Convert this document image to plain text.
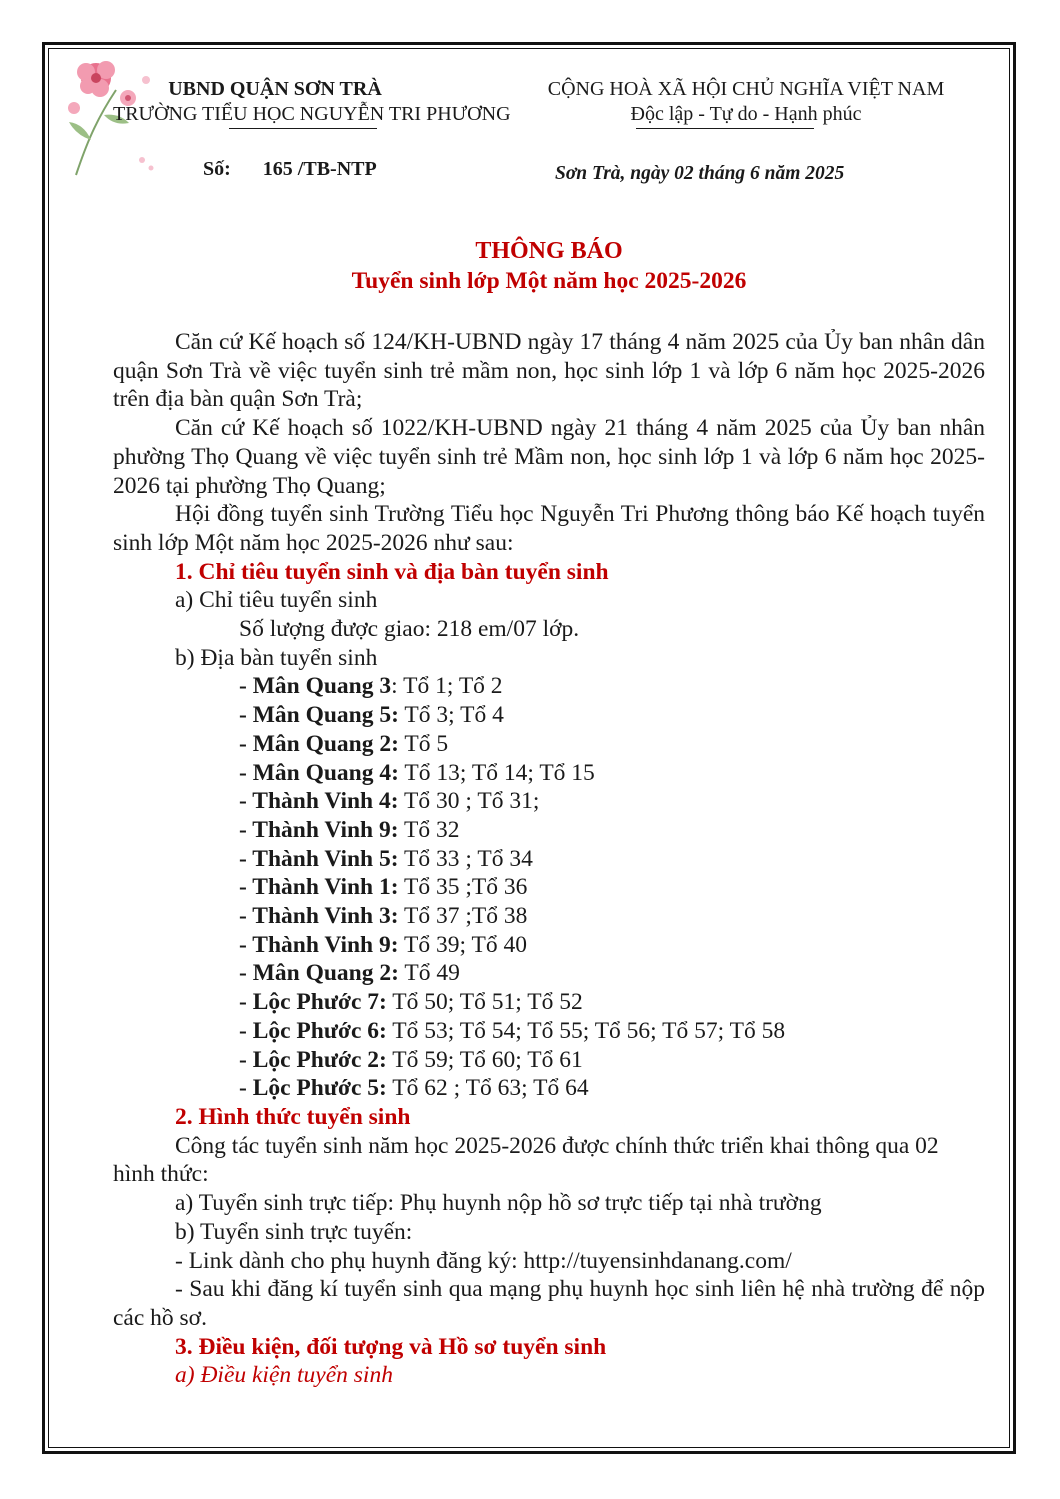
UBND QUẬN SƠN TRÀ
TRƯỜNG TIỂU HỌC NGUYỄN TRI PHƯƠNG
Số: 165 /TB-NTP
CỘNG HOÀ XÃ HỘI CHỦ NGHĨA VIỆT NAM
Độc lập - Tự do - Hạnh phúc
Sơn Trà, ngày 02 tháng 6 năm 2025
THÔNG BÁO
Tuyển sinh lớp Một năm học 2025-2026

Căn cứ Kế hoạch số 124/KH-UBND ngày 17 tháng 4 năm 2025 của Ủy ban nhân dân quận Sơn Trà về việc tuyển sinh trẻ mầm non, học sinh lớp 1 và lớp 6 năm học 2025-2026 trên địa bàn quận Sơn Trà;

Căn cứ Kế hoạch số 1022/KH-UBND ngày 21 tháng 4 năm 2025 của Ủy ban nhân phường Thọ Quang về việc tuyển sinh trẻ Mầm non, học sinh lớp 1 và lớp 6 năm học 2025-2026 tại phường Thọ Quang;

Hội đồng tuyển sinh Trường Tiểu học Nguyễn Tri Phương thông báo Kế hoạch tuyển sinh lớp Một năm học 2025-2026 như sau:

1. Chỉ tiêu tuyển sinh và địa bàn tuyển sinh

a) Chỉ tiêu tuyển sinh

Số lượng được giao: 218 em/07 lớp.

b) Địa bàn tuyển sinh

- Mân Quang 3: Tổ 1; Tổ 2

- Mân Quang 5: Tổ 3; Tổ 4

- Mân Quang 2: Tổ 5

- Mân Quang 4: Tổ 13; Tổ 14; Tổ 15

- Thành Vinh 4: Tổ 30 ; Tổ 31;

- Thành Vinh 9: Tổ 32

- Thành Vinh 5: Tổ 33 ; Tổ 34

- Thành Vinh 1: Tổ 35 ;Tổ 36

- Thành Vinh 3: Tổ 37 ;Tổ 38

- Thành Vinh 9: Tổ 39; Tổ 40

- Mân Quang 2: Tổ 49

- Lộc Phước 7: Tổ 50; Tổ 51; Tổ 52

- Lộc Phước 6: Tổ 53; Tổ 54; Tổ 55; Tổ 56; Tổ 57; Tổ 58

- Lộc Phước 2: Tổ 59; Tổ 60; Tổ 61

- Lộc Phước 5: Tổ 62 ; Tổ 63; Tổ 64

2. Hình thức tuyển sinh

Công tác tuyển sinh năm học 2025-2026 được chính thức triển khai thông qua 02 hình thức:

a) Tuyển sinh trực tiếp: Phụ huynh nộp hồ sơ trực tiếp tại nhà trường

b) Tuyển sinh trực tuyến:

- Link dành cho phụ huynh đăng ký: http://tuyensinhdanang.com/

- Sau khi đăng kí tuyển sinh qua mạng phụ huynh học sinh liên hệ nhà trường để nộp các hồ sơ.

3. Điều kiện, đối tượng và Hồ sơ tuyển sinh

a) Điều kiện tuyển sinh
